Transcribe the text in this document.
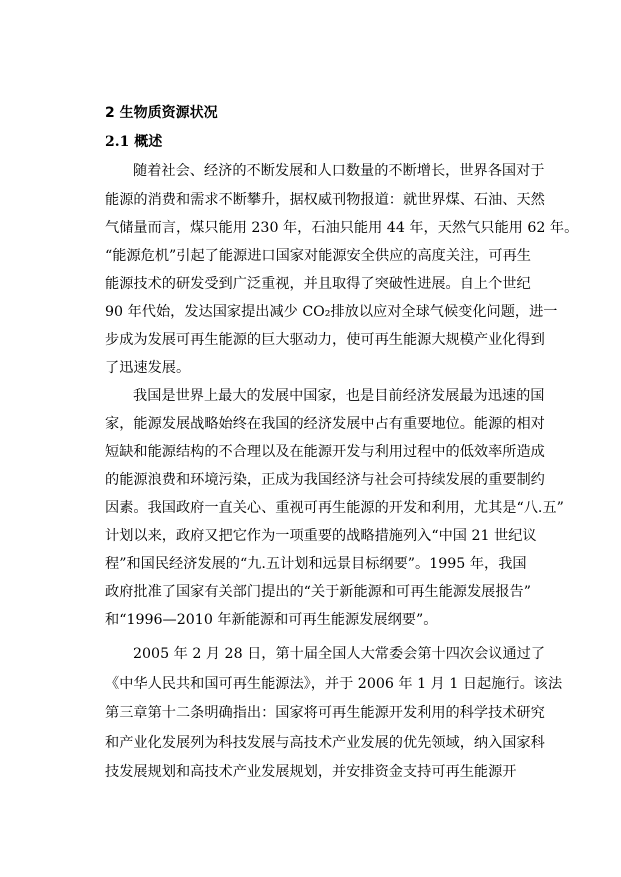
2 生物质资源状况
2.1 概述

随着社会、经济的不断发展和人口数量的不断增长，世界各国对于

能源的消费和需求不断攀升，据权威刊物报道：就世界煤、石油、天然

气储量而言，煤只能用 230 年，石油只能用 44 年，天然气只能用 62 年。

“能源危机”引起了能源进口国家对能源安全供应的高度关注，可再生

能源技术的研发受到广泛重视，并且取得了突破性进展。自上个世纪

90 年代始，发达国家提出减少 CO₂排放以应对全球气候变化问题，进一

步成为发展可再生能源的巨大驱动力，使可再生能源大规模产业化得到

了迅速发展。

我国是世界上最大的发展中国家，也是目前经济发展最为迅速的国

家，能源发展战略始终在我国的经济发展中占有重要地位。能源的相对

短缺和能源结构的不合理以及在能源开发与利用过程中的低效率所造成

的能源浪费和环境污染，正成为我国经济与社会可持续发展的重要制约

因素。我国政府一直关心、重视可再生能源的开发和利用，尤其是“八.五”

计划以来，政府又把它作为一项重要的战略措施列入“中国 21 世纪议

程”和国民经济发展的“九.五计划和远景目标纲要”。1995 年，我国

政府批准了国家有关部门提出的“关于新能源和可再生能源发展报告”

和“1996—2010 年新能源和可再生能源发展纲要”。

2005 年 2 月 28 日，第十届全国人大常委会第十四次会议通过了

《中华人民共和国可再生能源法》，并于 2006 年 1 月 1 日起施行。该法

第三章第十二条明确指出：国家将可再生能源开发利用的科学技术研究

和产业化发展列为科技发展与高技术产业发展的优先领域，纳入国家科

技发展规划和高技术产业发展规划，并安排资金支持可再生能源开
